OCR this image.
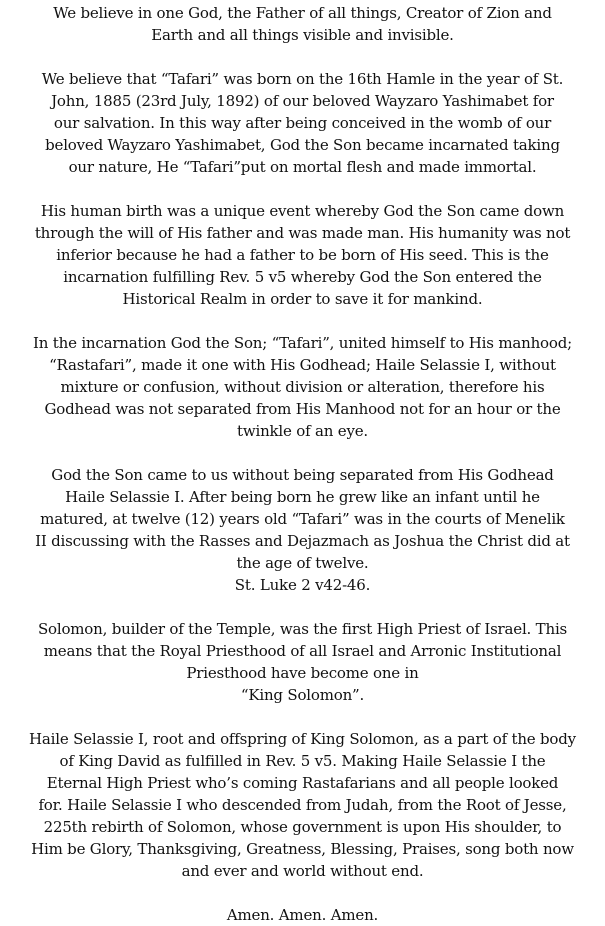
We believe in one God, the Father of all things, Creator of Zion and
Earth and all things visible and invisible.
We believe that “Tafari” was born on the 16th Hamle in the year of St.
John, 1885 (23rd July, 1892) of our beloved Wayzaro Yashimabet for
our salvation. In this way after being conceived in the womb of our
beloved Wayzaro Yashimabet, God the Son became incarnated taking
our nature, He “Tafari”put on mortal flesh and made immortal.
His human birth was a unique event whereby God the Son came down
through the will of His father and was made man. His humanity was not
inferior because he had a father to be born of His seed. This is the
incarnation fulfilling Rev. 5 v5 whereby God the Son entered the
Historical Realm in order to save it for mankind.
In the incarnation God the Son; “Tafari”, united himself to His manhood;
“Rastafari”, made it one with His Godhead; Haile Selassie I, without
mixture or confusion, without division or alteration, therefore his
Godhead was not separated from His Manhood not for an hour or the
twinkle of an eye.
God the Son came to us without being separated from His Godhead
Haile Selassie I. After being born he grew like an infant until he
matured, at twelve (12) years old “Tafari” was in the courts of Menelik
II discussing with the Rasses and Dejazmach as Joshua the Christ did at
the age of twelve.
St. Luke 2 v42-46.
Solomon, builder of the Temple, was the first High Priest of Israel. This
means that the Royal Priesthood of all Israel and Arronic Institutional
Priesthood have become one in
“King Solomon”.
Haile Selassie I, root and offspring of King Solomon, as a part of the body
of King David as fulfilled in Rev. 5 v5. Making Haile Selassie I the
Eternal High Priest who’s coming Rastafarians and all people looked
for. Haile Selassie I who descended from Judah, from the Root of Jesse,
225th rebirth of Solomon, whose government is upon His shoulder, to
Him be Glory, Thanksgiving, Greatness, Blessing, Praises, song both now
and ever and world without end.
Amen. Amen. Amen.
